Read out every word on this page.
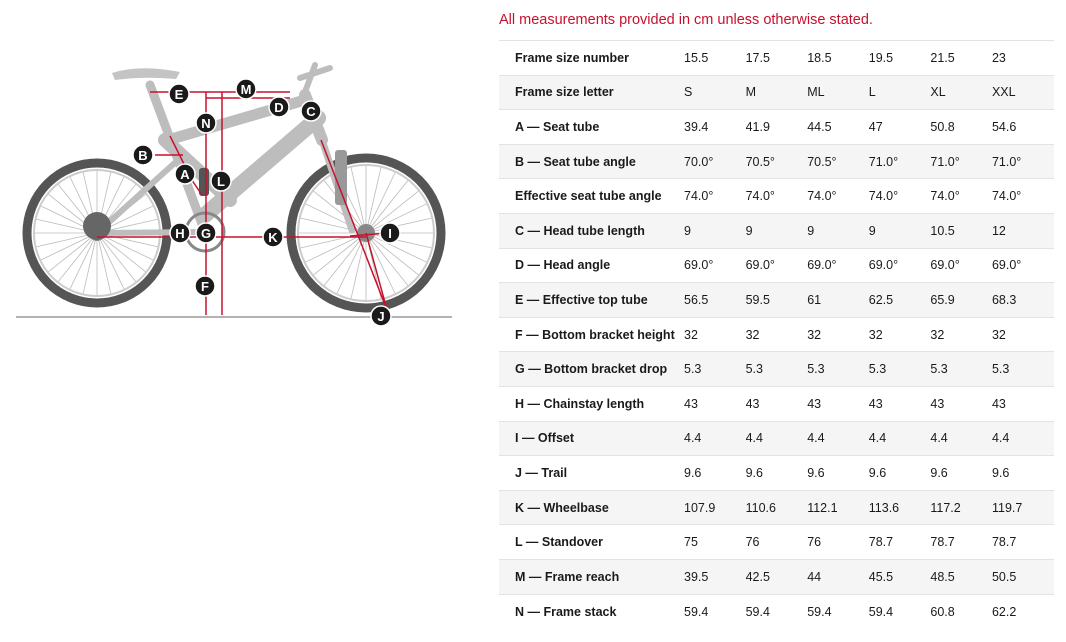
All measurements provided in cm unless otherwise stated.
A
B
C
D
E
F
G
H	I
J
K
L
M
N
Frame size number	15.5	17.5	18.5	19.5	21.5	23
Frame size letter	S	M	ML	L	XL	XXL
A — Seat tube	39.4	41.9	44.5	47	50.8	54.6
B — Seat tube angle	70.0°	70.5°	70.5°	71.0°	71.0°	71.0°
Effective seat tube angle	74.0°	74.0°	74.0°	74.0°	74.0°	74.0°
C — Head tube length	9	9	9	9	10.5	12
D — Head angle	69.0°	69.0°	69.0°	69.0°	69.0°	69.0°
E — Effective top tube	56.5	59.5	61	62.5	65.9	68.3
F — Bottom bracket height	32	32	32	32	32	32
G — Bottom bracket drop	5.3	5.3	5.3	5.3	5.3	5.3
H — Chainstay length	43	43	43	43	43	43
I — Offset	4.4	4.4	4.4	4.4	4.4	4.4
J — Trail	9.6	9.6	9.6	9.6	9.6	9.6
K — Wheelbase	107.9	110.6	112.1	113.6	117.2	119.7
L — Standover	75	76	76	78.7	78.7	78.7
M — Frame reach	39.5	42.5	44	45.5	48.5	50.5
N — Frame stack	59.4	59.4	59.4	59.4	60.8	62.2
